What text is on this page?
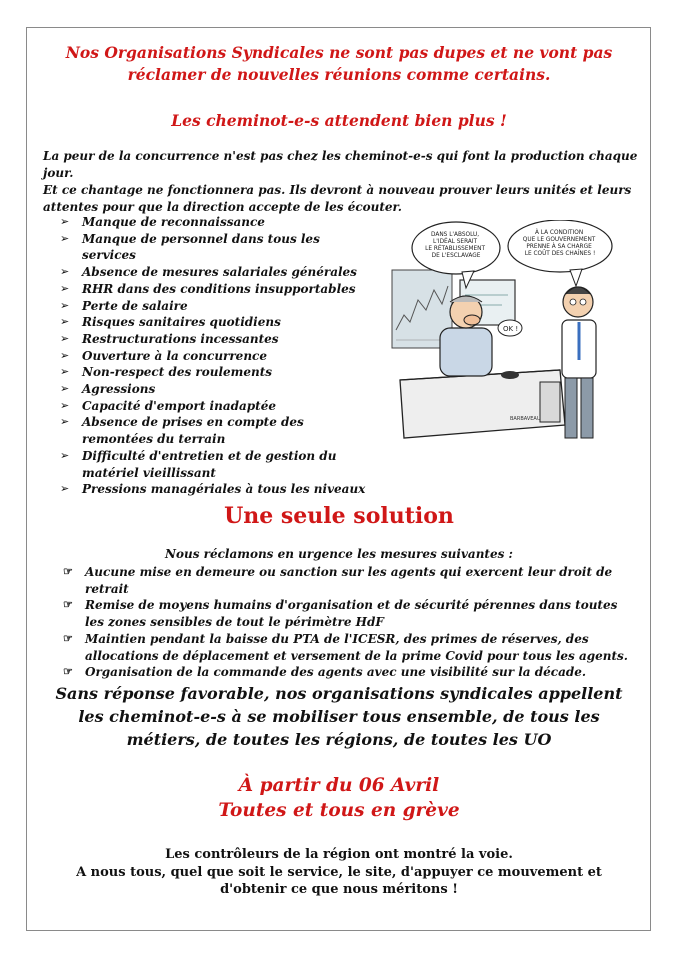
Nos Organisations Syndicales ne sont pas dupes et ne vont pas
réclamer de nouvelles réunions comme certains.
Les cheminot-e-s attendent bien plus !
La peur de la concurrence n'est pas chez les cheminot-e-s qui font la production chaque jour.
Et ce chantage ne fonctionnera pas. Ils devront à nouveau prouver leurs unités et leurs
attentes pour que la direction accepte de les écouter.
➢ Manque de reconnaissance
➢ Manque de personnel dans tous les services
➢ Absence de mesures salariales générales
➢ RHR dans des conditions insupportables
➢ Perte de salaire
➢ Risques sanitaires quotidiens
➢ Restructurations incessantes
➢ Ouverture à la concurrence
➢ Non-respect des roulements
➢ Agressions
➢ Capacité d'emport inadaptée
➢ Absence de prises en compte des remontées du terrain
➢ Difficulté d'entretien et de gestion du matériel vieillissant
➢ Pressions managériales à tous les niveaux
OK !
DANS L'ABSOLU, L'IDÉAL SERAIT LE RÉTABLISSEMENT DE L'ESCLAVAGE
À LA CONDITION QUE LE GOUVERNEMENT PRENNE À SA CHARGE LE COÛT DES CHAÎNES !
BARBAVEAU
Une seule solution
Nous réclamons en urgence les mesures suivantes :
☞ Aucune mise en demeure ou sanction sur les agents qui exercent leur droit de retrait
☞ Remise de moyens humains d'organisation et de sécurité pérennes dans toutes les zones sensibles de tout le périmètre HdF
☞ Maintien pendant la baisse du PTA de l'ICESR, des primes de réserves, des allocations de déplacement et versement de la prime Covid pour tous les agents.
☞ Organisation de la commande des agents avec une visibilité sur la décade.
Sans réponse favorable, nos organisations syndicales appellent
les cheminot-e-s à se mobiliser tous ensemble, de tous les
métiers, de toutes les régions, de toutes les UO
À partir du 06 Avril
Toutes et tous en grève
Les contrôleurs de la région ont montré la voie.
A nous tous, quel que soit le service, le site, d'appuyer ce mouvement et
d'obtenir ce que nous méritons !
